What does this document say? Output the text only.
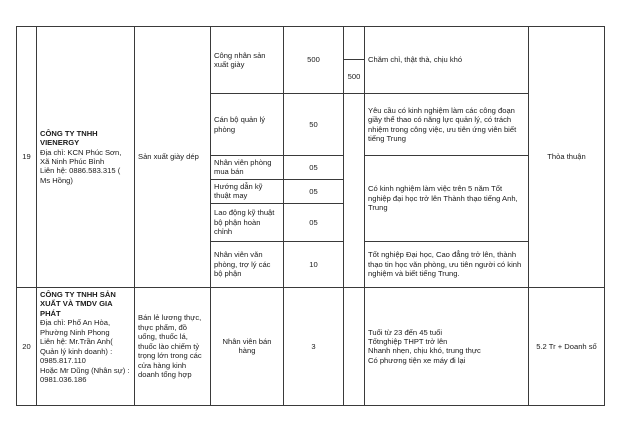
19	CÔNG TY TNHH VIENERGY
Địa chỉ: KCN Phúc Sơn, Xã Ninh Phúc Bình
Liên hệ: 0886.583.315 ( Ms Hồng)	Sản xuất giày dép	Công nhân sản xuất giày	500		Chăm chỉ, thật thà, chịu khó	Thỏa thuận
					500		
			Cán bộ quản lý phòng	50		Yêu cầu có kinh nghiệm làm các công đoạn giầy thể thao có năng lực quản lý, có trách nhiệm trong công việc, ưu tiên ứng viên biết tiếng Trung	
			Nhân viên phòng mua bán	05		Có kinh nghiệm làm việc trên 5 năm Tốt nghiệp đại học trở lên Thành thạo tiếng Anh, Trung	
			Hướng dẫn kỹ thuật may	05			
			Lao động kỹ thuật bộ phận hoàn chỉnh	05			
			Nhân viên văn phòng, trợ lý các bộ phận	10		Tốt nghiệp Đại học, Cao đẳng trở lên, thành thạo tin học văn phòng, ưu tiên người có kinh nghiệm và biết tiếng Trung.	
20	CÔNG TY TNHH SẢN XUẤT VÀ TMDV GIA PHÁT
Địa chỉ: Phố An Hòa, Phường Ninh Phong
Liên hệ: Mr.Trần Anh( Quản lý kinh doanh) : 0985.817.110
Hoặc Mr Dũng (Nhân sự) : 0981.036.186	Bán lẻ lương thực, thực phẩm, đồ uống, thuốc lá, thuốc lào chiếm tỷ trọng lớn trong các cửa hàng kinh doanh tổng hợp	Nhân viên bán hàng	3		Tuổi từ 23 đến 45 tuổi
Tốtnghiệp THPT trở lên
Nhanh nhẹn, chịu khó, trung thực
Có phương tiện xe máy đi lại	5.2 Tr + Doanh số
